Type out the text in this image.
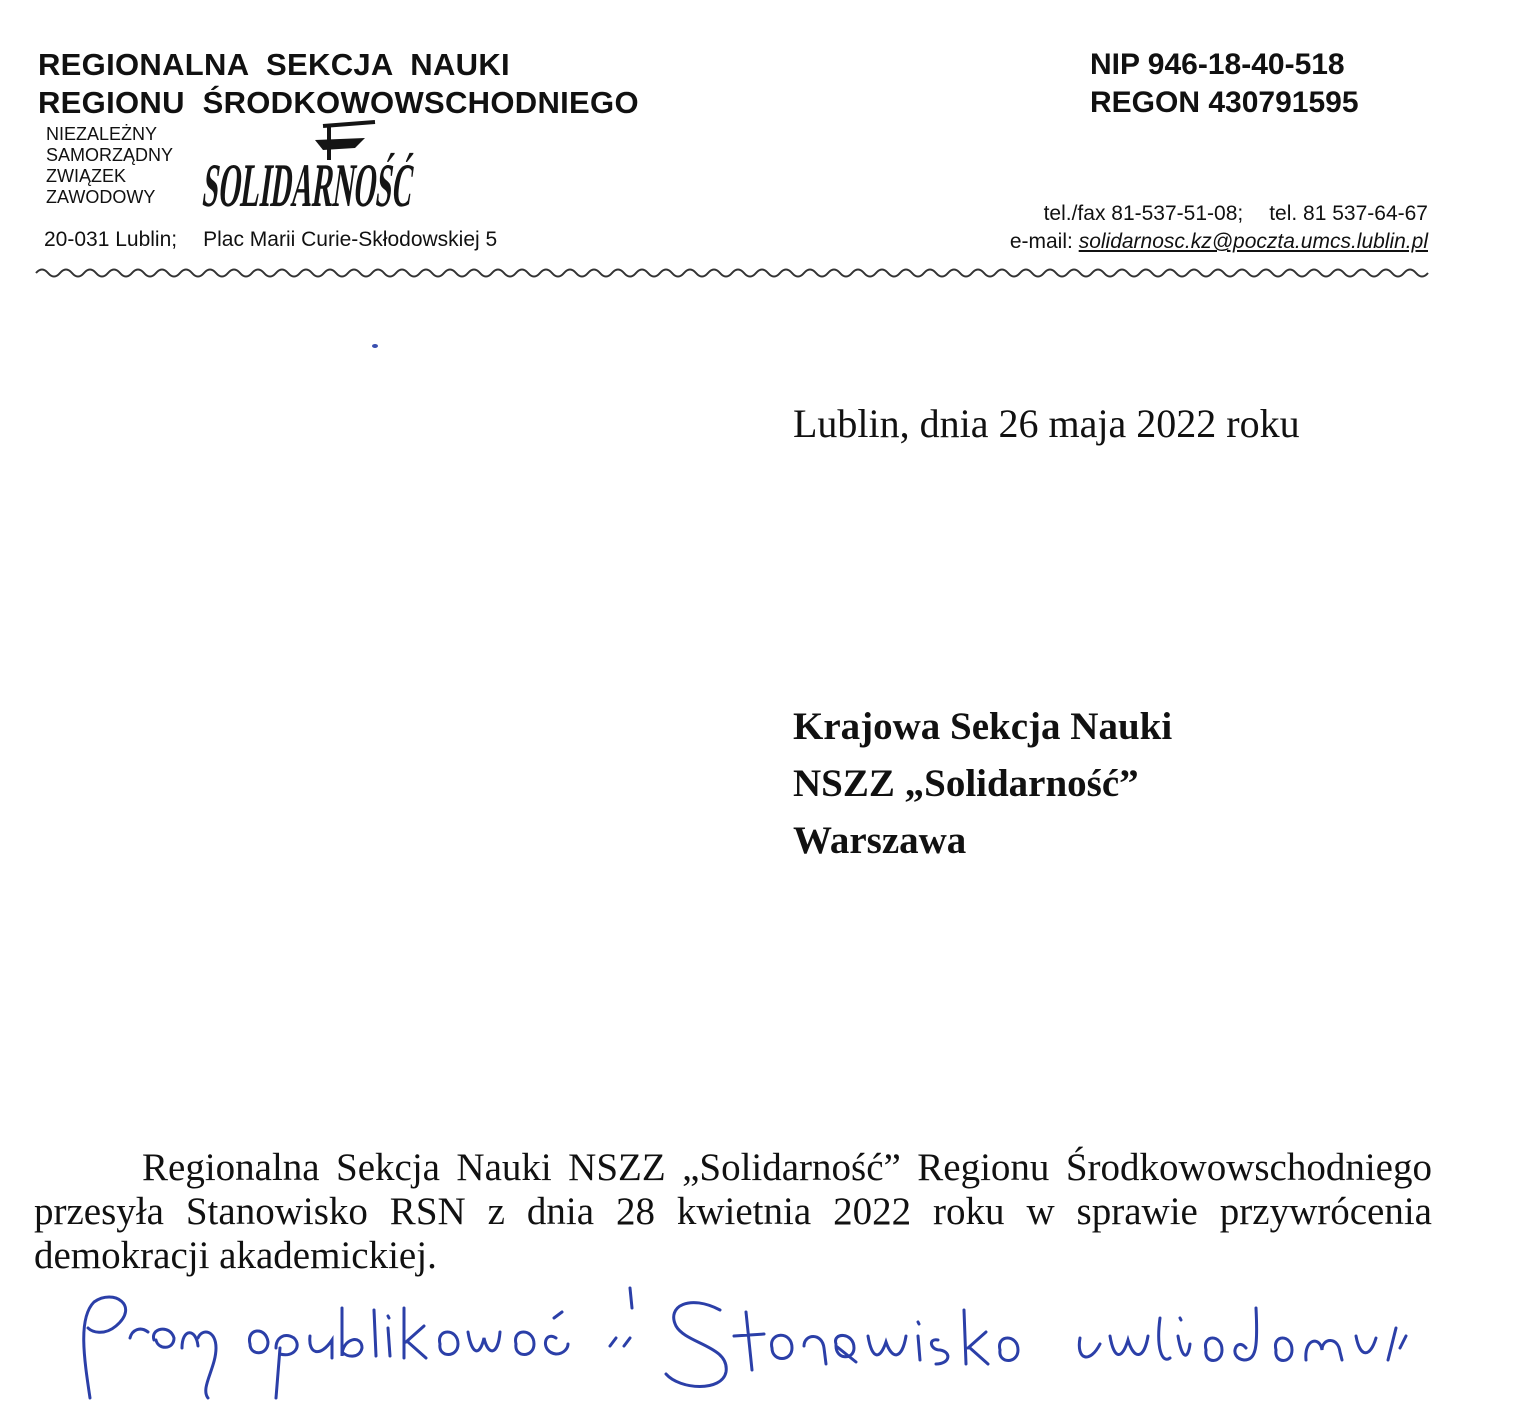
REGIONALNA  SEKCJA  NAUKI
REGIONU  ŚRODKOWOWSCHODNIEGO
NIP 946-18-40-518
REGON 430791595
NIEZALEŻNY
SAMORZĄDNY
ZWIĄZEK
ZAWODOWY SOLIDARNOŚĆ
20-031 Lublin; Plac Marii Curie-Skłodowskiej 5
tel./fax 81-537-51-08; tel. 81 537-64-67
e-mail: solidarnosc.kz@poczta.umcs.lublin.pl
Lublin, dnia 26 maja 2022 roku
Krajowa Sekcja Nauki
NSZZ „Solidarność”
Warszawa
Regionalna Sekcja Nauki NSZZ „Solidarność” Regionu Środkowowschodniego przesyła Stanowisko RSN z dnia 28 kwietnia 2022 roku w sprawie przywrócenia demokracji akademickiej.
